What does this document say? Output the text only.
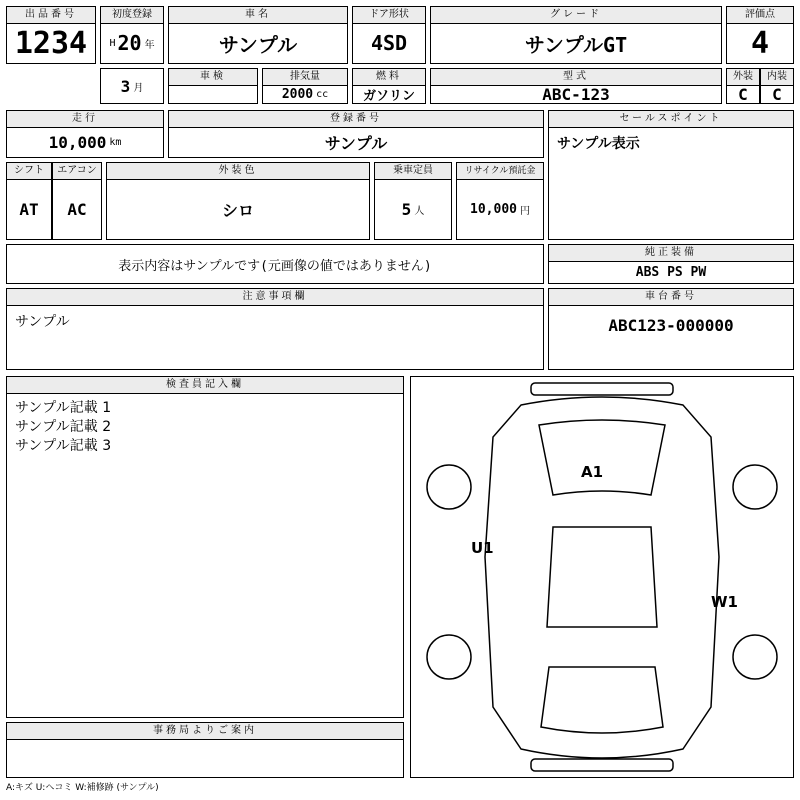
出品番号
1234
初度登録
H 20 年
車名
サンプル
ドア形状
4SD
グレード
サンプルGT
評価点
4
3 月
車検	排気量
2000 cc
燃料
ガソリン
型式
ABC-123
外装
C
内装
C
走行
10,000 km
登録番号
サンプル
セールスポイント
サンプル表示
シフト
AT
エアコン
AC
外装色
シロ
乗車定員
5 人
リサイクル預託金
10,000 円
表示内容はサンプルです(元画像の値ではありません)
純正装備
ABS PS PW
注意事項欄
サンプル
車台番号
ABC123-000000
検査員記入欄
サンプル記載 1
サンプル記載 2
サンプル記載 3
事務局よりご案内
A1
U1
W1
A:キズ U:ヘコミ W:補修跡 (サンプル)
